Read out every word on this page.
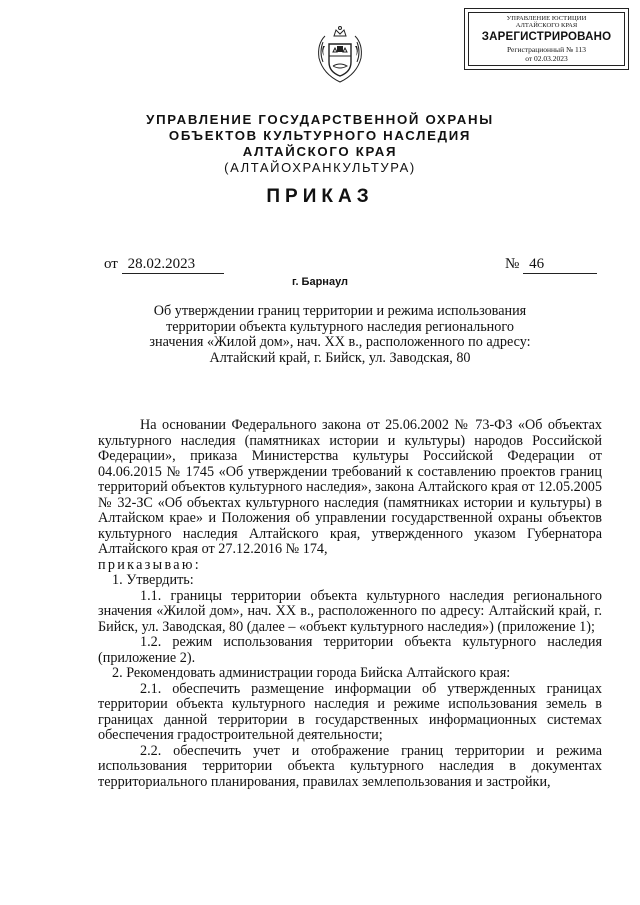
УПРАВЛЕНИЕ ЮСТИЦИИ
АЛТАЙСКОГО КРАЯ
ЗАРЕГИСТРИРОВАНО
Регистрационный № 113
от 02.03.2023
УПРАВЛЕНИЕ ГОСУДАРСТВЕННОЙ ОХРАНЫ
ОБЪЕКТОВ КУЛЬТУРНОГО НАСЛЕДИЯ
АЛТАЙСКОГО КРАЯ
(АЛТАЙОХРАНКУЛЬТУРА)
ПРИКАЗ
от 28.02.2023	№ 46
г. Барнаул
Об утверждении границ территории и режима использования
территории объекта культурного наследия регионального
значения «Жилой дом», нач. XX в., расположенного по адресу:
Алтайский край, г. Бийск, ул. Заводская, 80

На основании Федерального закона от 25.06.2002 № 73-ФЗ «Об объектах культурного наследия (памятниках истории и культуры) народов Российской Федерации», приказа Министерства культуры Российской Федерации от 04.06.2015 № 1745 «Об утверждении требований к составлению проектов границ территорий объектов культурного наследия», закона Алтайского края от 12.05.2005 № 32-ЗС «Об объектах культурного наследия (памятниках истории и культуры) в Алтайском крае» и Положения об управлении государственной охраны объектов культурного наследия Алтайского края, утвержденного указом Губернатора Алтайского края от 27.12.2016 № 174,

приказываю:

1. Утвердить:

1.1. границы территории объекта культурного наследия регионального значения «Жилой дом», нач. XX в., расположенного по адресу: Алтайский край, г. Бийск, ул. Заводская, 80 (далее – «объект культурного наследия») (приложение 1);

1.2. режим использования территории объекта культурного наследия (приложение 2).

2. Рекомендовать администрации города Бийска Алтайского края:

2.1. обеспечить размещение информации об утвержденных границах территории объекта культурного наследия и режиме использования земель в границах данной территории в государственных информационных системах обеспечения градостроительной деятельности;

2.2. обеспечить учет и отображение границ территории и режима использования территории объекта культурного наследия в документах территориального планирования, правилах землепользования и застройки,
